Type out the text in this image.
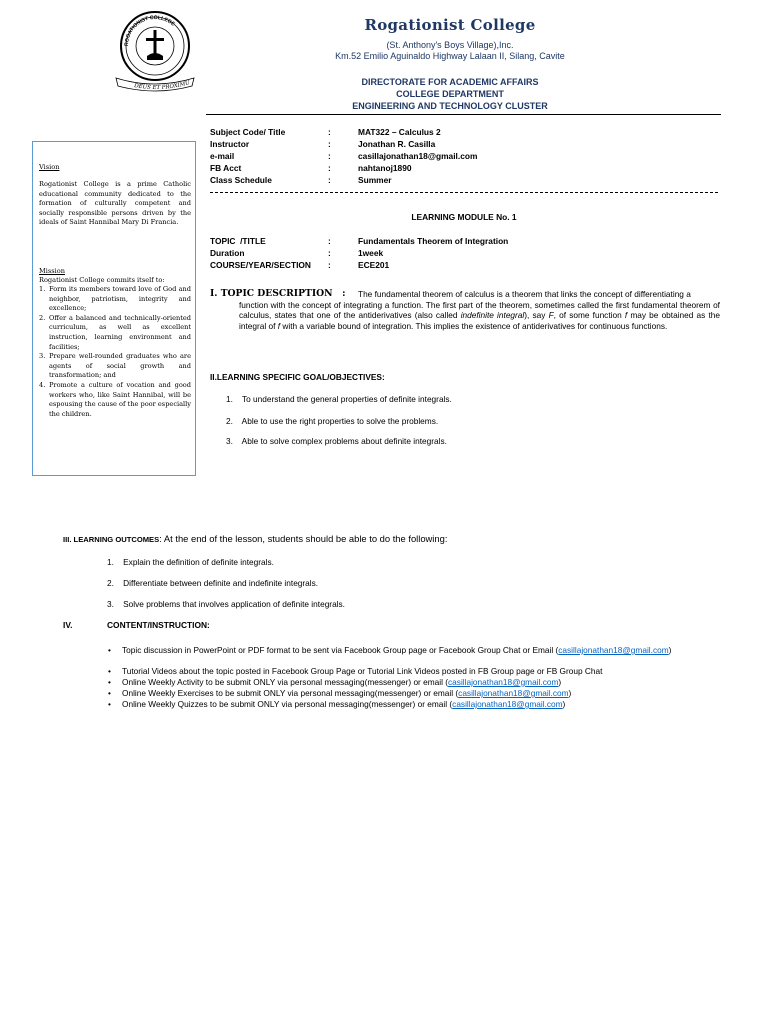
ROGATIONIST COLLEGE
DEUS ET PROXIMU
Rogationist College
(St. Anthony's Boys Village),Inc.
Km.52 Emilio Aguinaldo Highway Lalaan II, Silang, Cavite
DIRECTORATE FOR ACADEMIC AFFAIRS
COLLEGE DEPARTMENT
ENGINEERING AND TECHNOLOGY CLUSTER
Vision
Rogationist College is a prime Catholic educational community dedicated to the formation of culturally competent and socially responsible persons driven by the ideals of Saint Hannibal Mary Di Francia.
Mission
Rogationist College commits itself to:
1. Form its members toward love of God and neighbor, patriotism, integrity and excellence;
2. Offer a balanced and technically-oriented curriculum, as well as excellent instruction, learning environment and facilities;
3. Prepare well-rounded graduates who are agents of social growth and transformation; and
4. Promote a culture of vocation and good workers who, like Saint Hannibal, will be espousing the cause of the poor especially the children.
Subject Code/ Title	:	MAT322 – Calculus 2
Instructor	:	Jonathan R. Casilla
e-mail	:	casillajonathan18@gmail.com
FB Acct	:	nahtanoj1890
Class Schedule	:	Summer
LEARNING MODULE No. 1
TOPIC  /TITLE	:	Fundamentals Theorem of Integration
Duration	:	1week
COURSE/YEAR/SECTION :	ECE201
I. TOPIC DESCRIPTION   : The fundamental theorem of calculus is a theorem that links the concept of differentiating a
function with the concept of integrating a function. The first part of the theorem, sometimes called the first fundamental theorem of calculus, states that one of the antiderivatives (also called indefinite integral), say F, of some function f may be obtained as the integral of f with a variable bound of integration. This implies the existence of antiderivatives for continuous functions.
II.LEARNING SPECIFIC GOAL/OBJECTIVES:
1.    To understand the general properties of definite integrals.
2.    Able to use the right properties to solve the problems.
3.    Able to solve complex problems about definite integrals.
III. LEARNING OUTCOMES: At the end of the lesson, students should be able to do the following:
1.    Explain the definition of definite integrals.
2.    Differentiate between definite and indefinite integrals.
3.    Solve problems that involves application of definite integrals.
IV.	CONTENT/INSTRUCTION:
• Topic discussion in PowerPoint or PDF format to be sent via Facebook Group page or Facebook Group Chat or Email (casillajonathan18@gmail.com)
• Tutorial Videos about the topic posted in Facebook Group Page or Tutorial Link Videos posted in FB Group page or FB Group Chat
• Online Weekly Activity to be submit ONLY via personal messaging(messenger) or email (casillajonathan18@gmail.com)
• Online Weekly Exercises to be submit ONLY via personal messaging(messenger) or email (casillajonathan18@gmail.com)
• Online Weekly Quizzes to be submit ONLY via personal messaging(messenger) or email (casillajonathan18@gmail.com)
